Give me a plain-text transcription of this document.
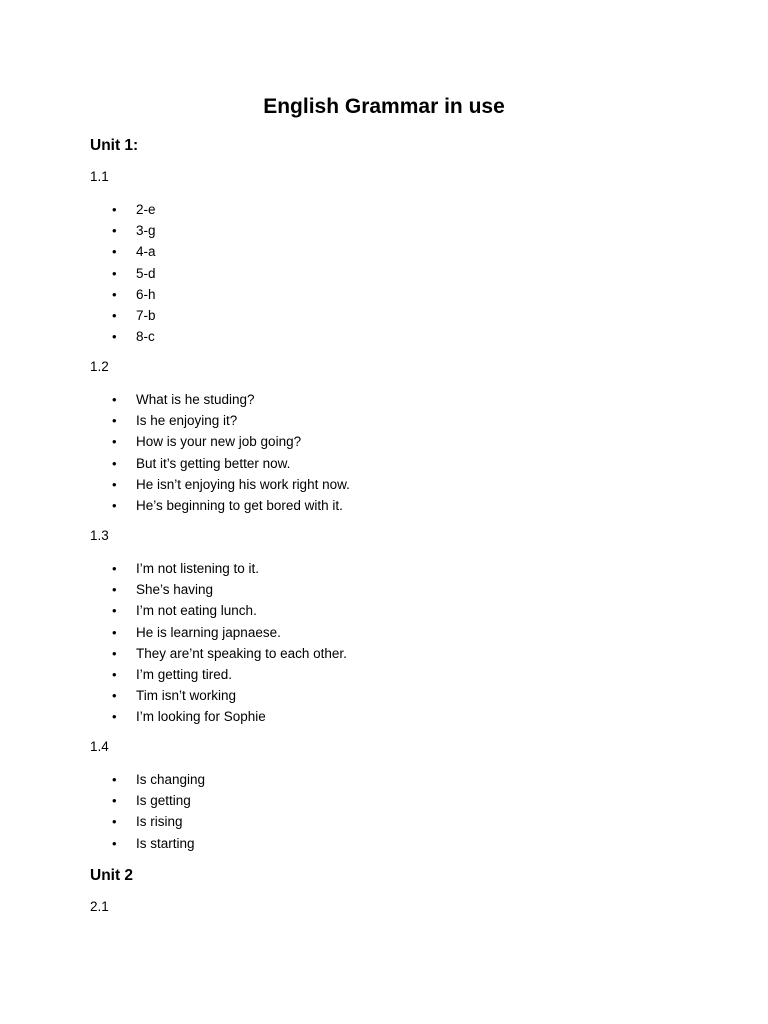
English Grammar in use
Unit 1:
1.1
• 2-e
• 3-g
• 4-a
• 5-d
• 6-h
• 7-b
• 8-c
1.2
• What is he studing?
• Is he enjoying it?
• How is your new job going?
• But it’s getting better now.
• He isn’t enjoying his work right now.
• He’s beginning to get bored with it.
1.3
• I’m not listening to it.
• She’s having
• I’m not eating lunch.
• He is learning japnaese.
• They are’nt speaking to each other.
• I’m getting tired.
• Tim isn’t working
• I’m looking for Sophie
1.4
• Is changing
• Is getting
• Is rising
• Is starting
Unit 2
2.1
